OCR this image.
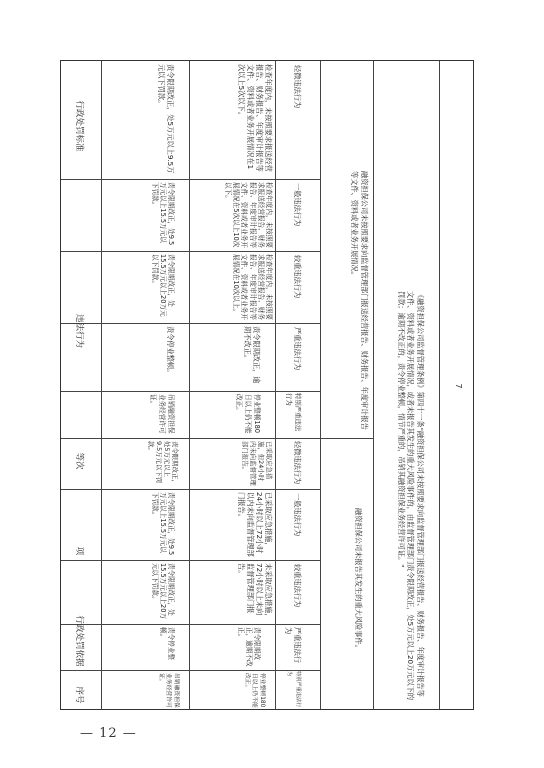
行政处罚标准
违法行为
等次
项
行政处罚依据
序号
7
《融资担保公司监督管理条例》第四十一条"融资担保公司未按照要求向监督管理部门报送经营报告、财务报告、年度审计报告等文件、资料或者业务开展情况，或者未报告其发生的重大风险事件的，由监督管理部门责令限期改正，处5万元以上20万元以下的罚款；逾期不改正的，责令停业整顿，情节严重的，吊销其融资担保业务经营许可证。"
融资担保公司未按照要求向监督管理部门报送经营报告、财务报告、年度审计报告等文件、资料或者业务开展情况。
融资担保公司未报告其发生的重大风险事件。
轻微违法行为
检查年度内，未按照要求报送经营报告、财务报告、年度审计报告等文件、资料或者业务开展情况在1次以上5次以下。
责令限期改正，处5万元以上9.5万元以下罚款。
一般违法行为
检查年度内，未按照要求报送经营报告、财务报告、年度审计报告等文件、资料或者业务开展情况在5次以上10次以下。
责令限期改正，处9.5万元以上15.5万元以下罚款。
较重违法行为
检查年度内，未按照要求报送经营报告、财务报告、年度审计报告等文件、资料或者业务开展情况在10次以上。
责令限期改正，处15.5万元以上20万元以下罚款。
严重违法行为
责令限期改正，逾期不改正。
责令停业整顿。
特别严重违法行为
停业整顿180日以上仍不能改正。
吊销融资担保业务经营许可证。
轻微违法行为
已采取应急措施，但24小时内未向监督管理部门报告。
责令限期改正，处5万元以上9.5万元以下罚款。
一般违法行为
已采取应急措施，24小时以上72小时以内未向监督管理部门报告。
责令限期改正，处9.5万元以上15.5万元以下罚款。
较重违法行为
未采取应急措施，72小时以上未向监督管理部门报告。
责令限期改正，处15.5万元以上20万元以下罚款。
严重违法行为
责令限期改正，逾期不改正。
责令停业整顿。
特别严重违法行为
停业整顿180日以上仍不能改正。
吊销融资担保业务经营许可证。
— 12 —
